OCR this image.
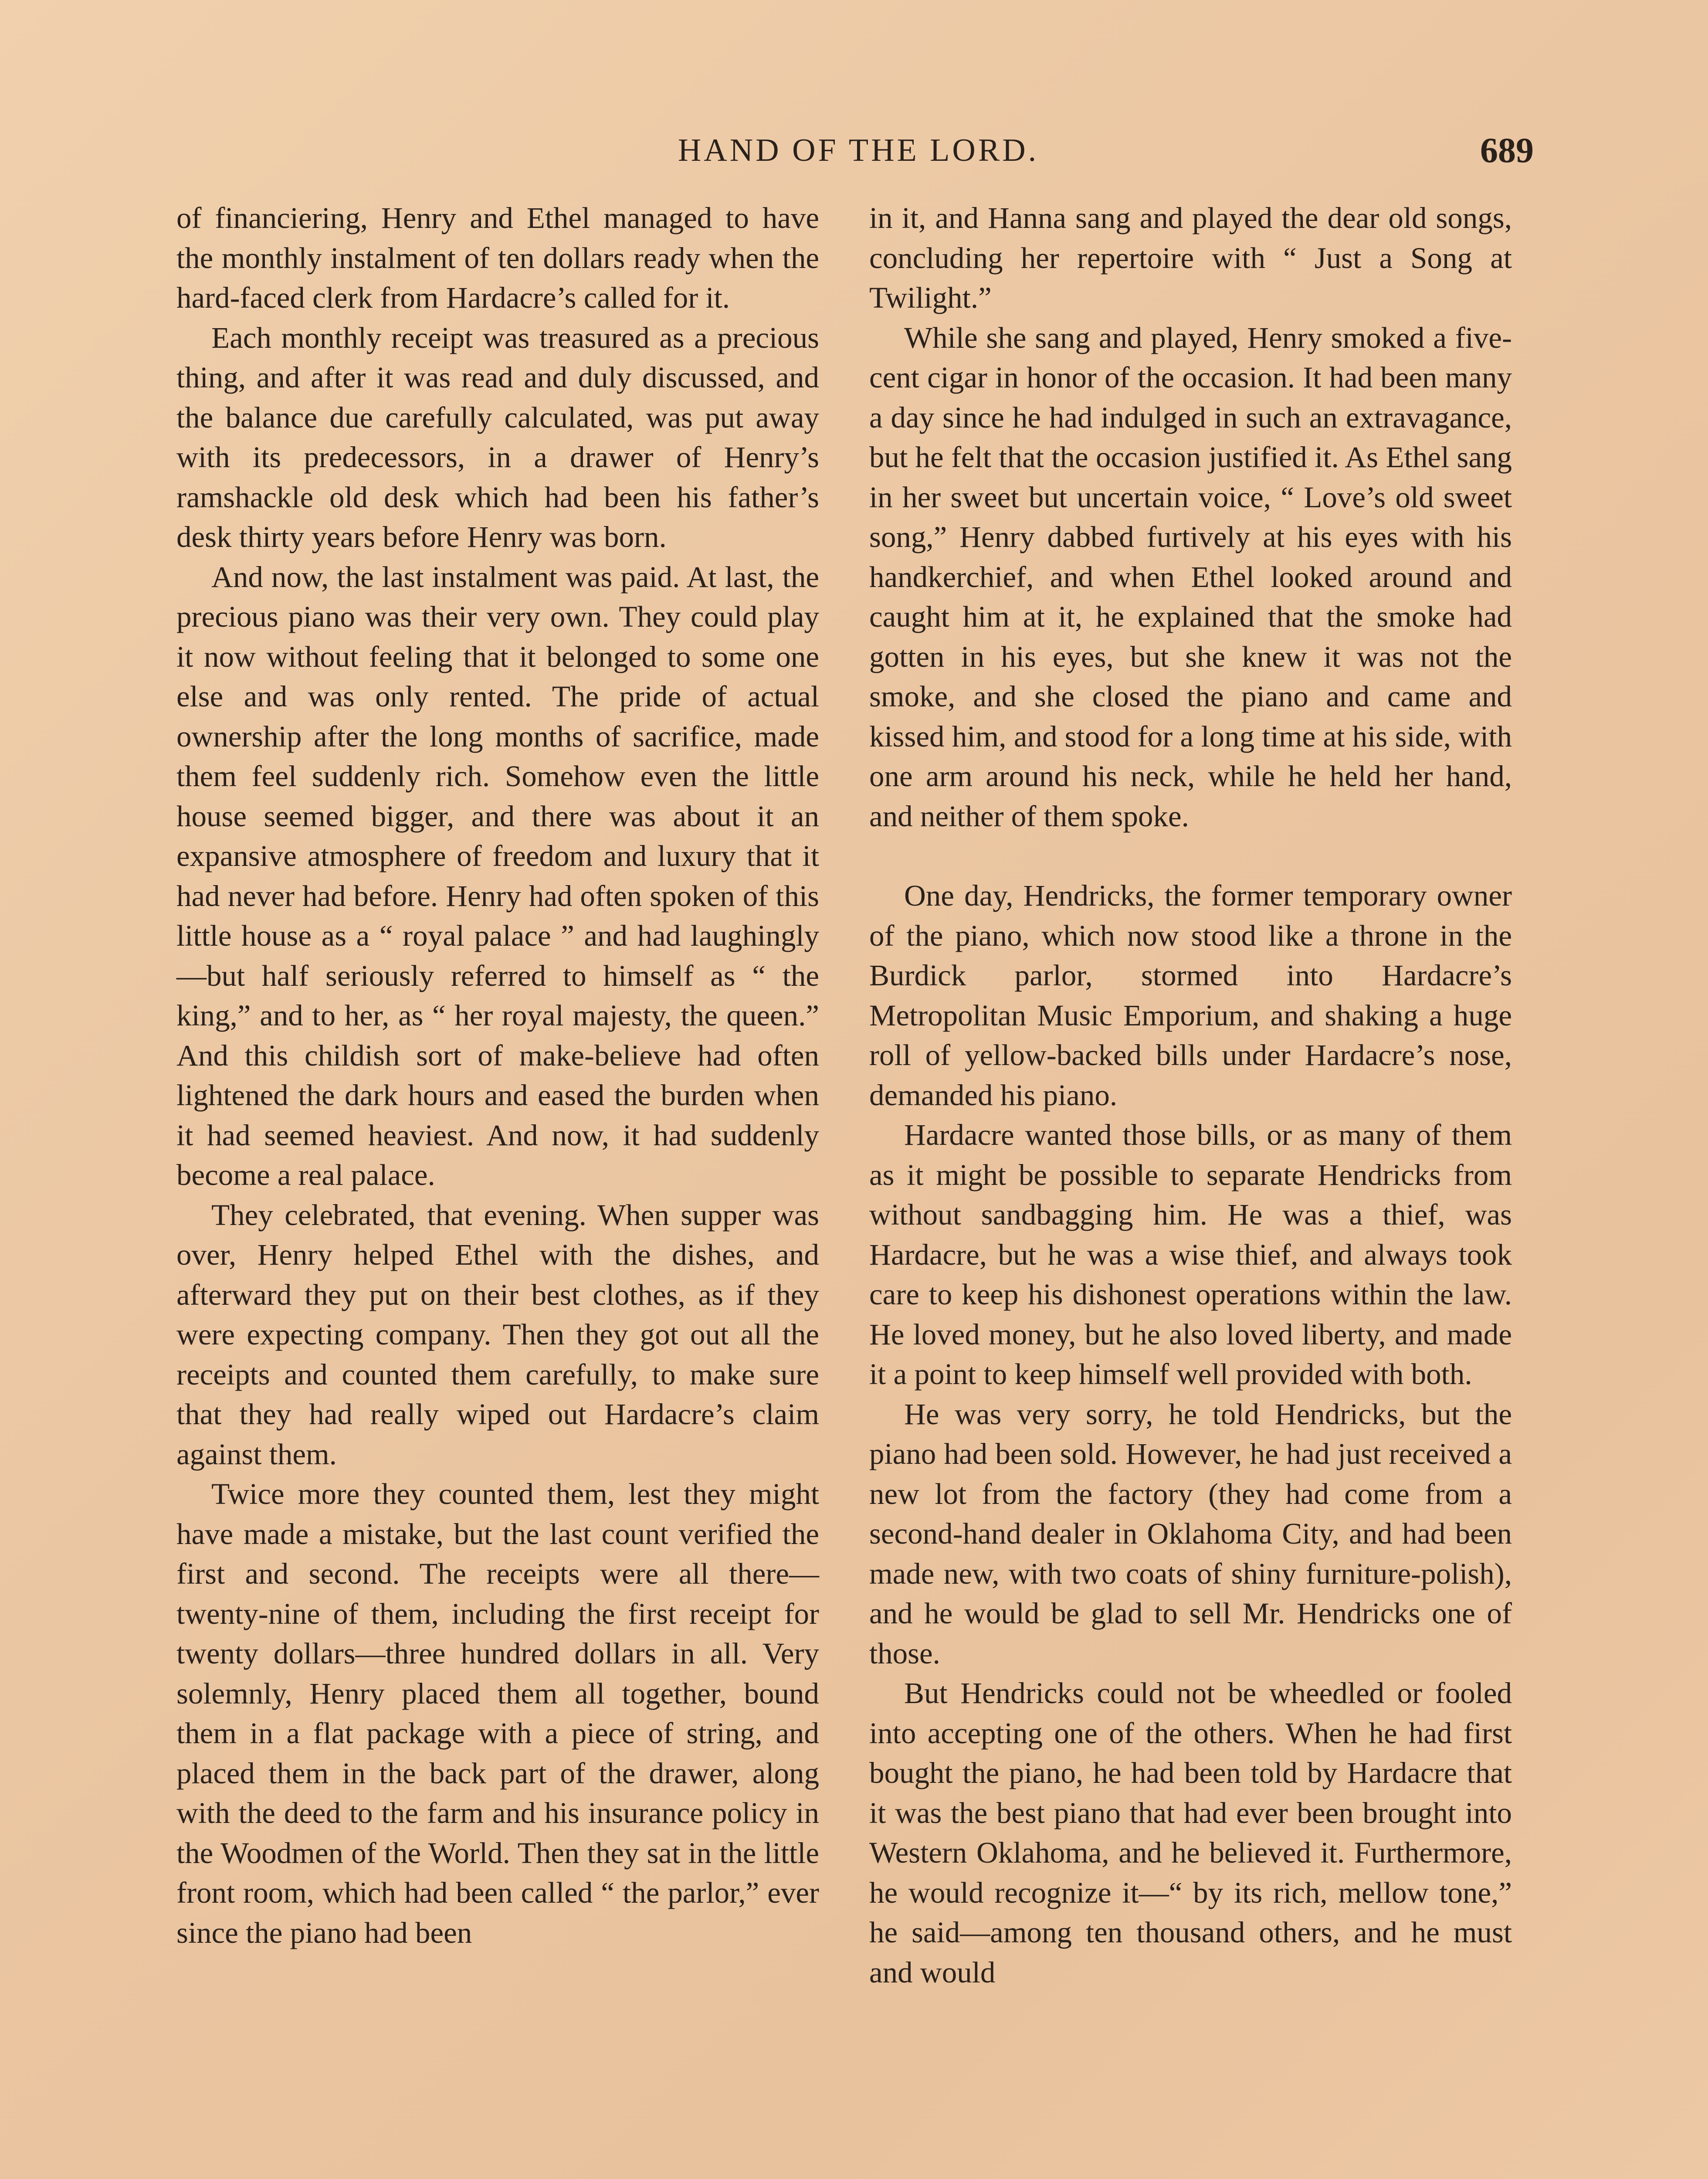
HAND OF THE LORD.	689

of financiering, Henry and Ethel managed to have the monthly instalment of ten dollars ready when the hard-faced clerk from Hardacre’s called for it.

Each monthly receipt was treasured as a precious thing, and after it was read and duly discussed, and the balance due carefully calculated, was put away with its predecessors, in a drawer of Henry’s ramshackle old desk which had been his father’s desk thirty years before Henry was born.

And now, the last instalment was paid. At last, the precious piano was their very own. They could play it now without feeling that it belonged to some one else and was only rented. The pride of actual ownership after the long months of sacrifice, made them feel suddenly rich. Somehow even the little house seemed bigger, and there was about it an expansive atmosphere of freedom and luxury that it had never had before. Henry had often spoken of this little house as a “ royal palace ” and had laughingly—but half seriously referred to himself as “ the king,” and to her, as “ her royal majesty, the queen.” And this childish sort of make-believe had often lightened the dark hours and eased the burden when it had seemed heaviest. And now, it had suddenly become a real palace.

They celebrated, that evening. When supper was over, Henry helped Ethel with the dishes, and afterward they put on their best clothes, as if they were expecting company. Then they got out all the receipts and counted them carefully, to make sure that they had really wiped out Hardacre’s claim against them.

Twice more they counted them, lest they might have made a mistake, but the last count verified the first and second. The receipts were all there—twenty-nine of them, including the first receipt for twenty dollars—three hundred dollars in all. Very solemnly, Henry placed them all together, bound them in a flat package with a piece of string, and placed them in the back part of the drawer, along with the deed to the farm and his insurance policy in the Woodmen of the World. Then they sat in the little front room, which had been called “ the parlor,” ever since the piano had been

in it, and Hanna sang and played the dear old songs, concluding her repertoire with “ Just a Song at Twilight.”

While she sang and played, Henry smoked a five-cent cigar in honor of the occasion. It had been many a day since he had indulged in such an extravagance, but he felt that the occasion justified it. As Ethel sang in her sweet but uncertain voice, “ Love’s old sweet song,” Henry dabbed furtively at his eyes with his handkerchief, and when Ethel looked around and caught him at it, he explained that the smoke had gotten in his eyes, but she knew it was not the smoke, and she closed the piano and came and kissed him, and stood for a long time at his side, with one arm around his neck, while he held her hand, and neither of them spoke.

One day, Hendricks, the former temporary owner of the piano, which now stood like a throne in the Burdick parlor, stormed into Hardacre’s Metropolitan Music Emporium, and shaking a huge roll of yellow-backed bills under Hardacre’s nose, demanded his piano.

Hardacre wanted those bills, or as many of them as it might be possible to separate Hendricks from without sandbagging him. He was a thief, was Hardacre, but he was a wise thief, and always took care to keep his dishonest operations within the law. He loved money, but he also loved liberty, and made it a point to keep himself well provided with both.

He was very sorry, he told Hendricks, but the piano had been sold. However, he had just received a new lot from the factory (they had come from a second-hand dealer in Oklahoma City, and had been made new, with two coats of shiny furniture-polish), and he would be glad to sell Mr. Hendricks one of those.

But Hendricks could not be wheedled or fooled into accepting one of the others. When he had first bought the piano, he had been told by Hardacre that it was the best piano that had ever been brought into Western Oklahoma, and he believed it. Furthermore, he would recognize it—“ by its rich, mellow tone,” he said—among ten thousand others, and he must and would
